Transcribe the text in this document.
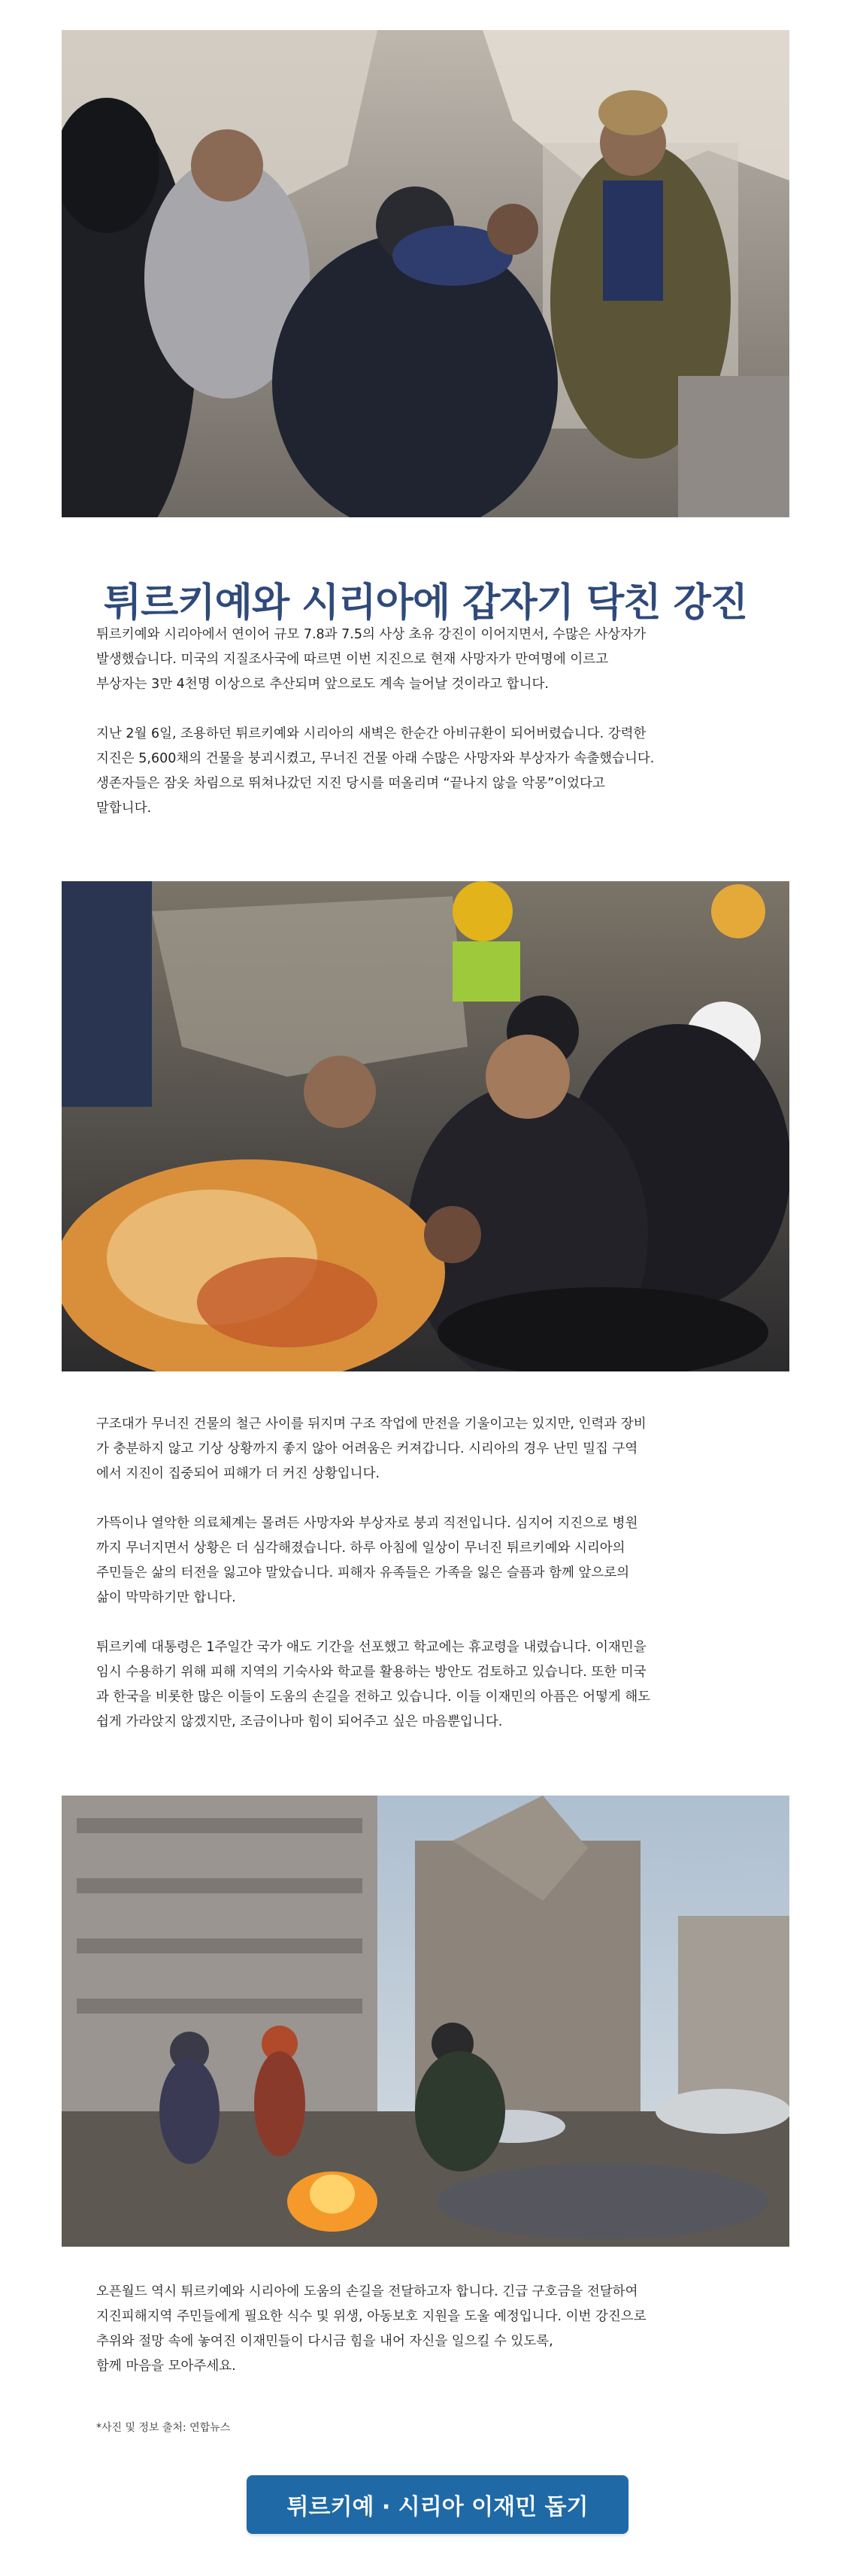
튀르키예와 시리아에 갑자기 닥친 강진

튀르키예와 시리아에서 연이어 규모 7.8과 7.5의 사상 초유 강진이 이어지면서, 수많은 사상자가
발생했습니다. 미국의 지질조사국에 따르면 이번 지진으로 현재 사망자가 만여명에 이르고
부상자는 3만 4천명 이상으로 추산되며 앞으로도 계속 늘어날 것이라고 합니다.

지난 2월 6일, 조용하던 튀르키예와 시리아의 새벽은 한순간 아비규환이 되어버렸습니다. 강력한
지진은 5,600채의 건물을 붕괴시켰고, 무너진 건물 아래 수많은 사망자와 부상자가 속출했습니다.
생존자들은 잠옷 차림으로 뛰쳐나갔던 지진 당시를 떠올리며 “끝나지 않을 악몽”이었다고
말합니다.

구조대가 무너진 건물의 철근 사이를 뒤지며 구조 작업에 만전을 기울이고는 있지만, 인력과 장비
가 충분하지 않고 기상 상황까지 좋지 않아 어려움은 커져갑니다. 시리아의 경우 난민 밀집 구역
에서 지진이 집중되어 피해가 더 커진 상황입니다.

가뜩이나 열악한 의료체계는 몰려든 사망자와 부상자로 붕괴 직전입니다. 심지어 지진으로 병원
까지 무너지면서 상황은 더 심각해졌습니다. 하루 아침에 일상이 무너진 튀르키예와 시리아의
주민들은 삶의 터전을 잃고야 말았습니다. 피해자 유족들은 가족을 잃은 슬픔과 함께 앞으로의
삶이 막막하기만 합니다.

튀르키예 대통령은 1주일간 국가 애도 기간을 선포했고 학교에는 휴교령을 내렸습니다. 이재민을
임시 수용하기 위해 피해 지역의 기숙사와 학교를 활용하는 방안도 검토하고 있습니다. 또한 미국
과 한국을 비롯한 많은 이들이 도움의 손길을 전하고 있습니다. 이들 이재민의 아픔은 어떻게 해도
쉽게 가라앉지 않겠지만, 조금이나마 힘이 되어주고 싶은 마음뿐입니다.

오픈월드 역시 튀르키예와 시리아에 도움의 손길을 전달하고자 합니다. 긴급 구호금을 전달하여
지진피해지역 주민들에게 필요한 식수 및 위생, 아동보호 지원을 도울 예정입니다. 이번 강진으로
추위와 절망 속에 놓여진 이재민들이 다시금 힘을 내어 자신을 일으킬 수 있도록,
함께 마음을 모아주세요.

*사진 및 정보 출처: 연합뉴스
튀르키예 · 시리아 이재민 돕기
